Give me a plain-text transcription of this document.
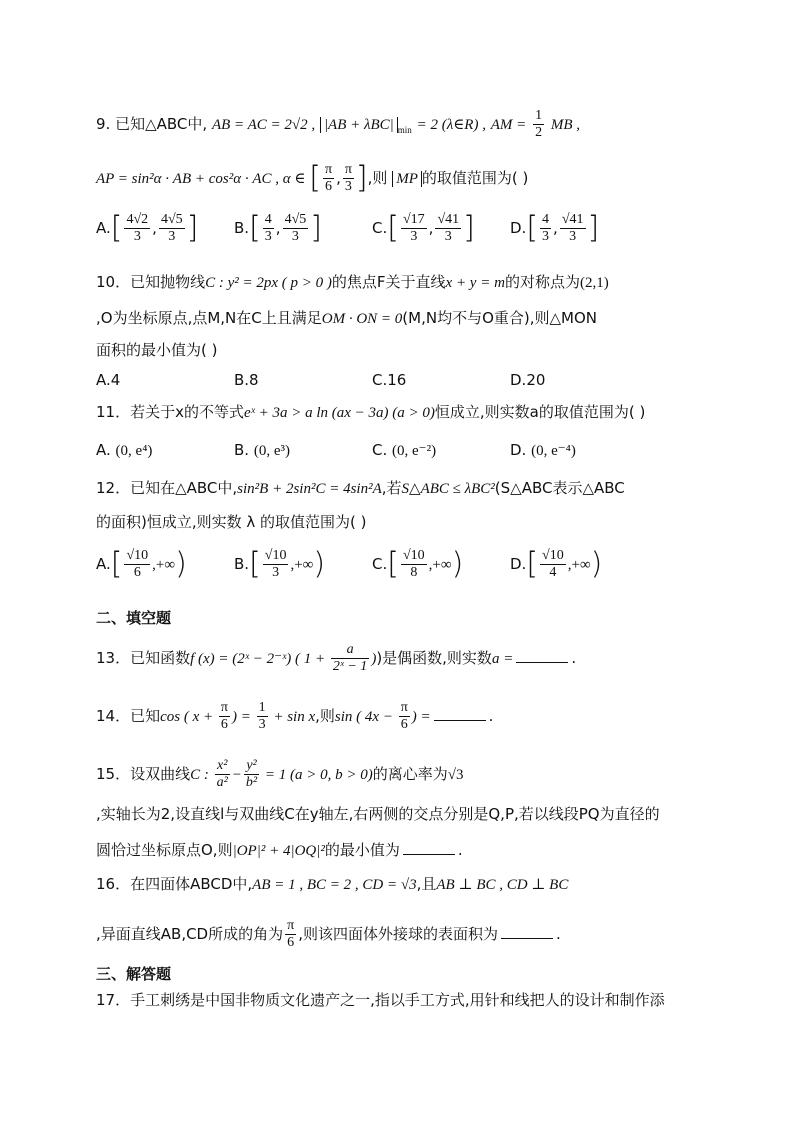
9. 已知△ABC中, AB = AC = 2√2 , |AB + λBC| $_{min}$ = 2 (λ∈R) , AM = $\frac{1}{2}$ MB ,
AP = sin²α · AB + cos²α · AC , α ∈ [ $\frac{\pi}{6}$ , $\frac{\pi}{3}$ ],则 MP 的取值范围为( )
$A.[ \frac{4√2}{3}$ , $\frac{4√5}{3}$ ] $B.[ \frac{4}{3}$ , $\frac{4√5}{3}$ ]	$C.[ \frac{√17}{3}$ , $\frac{√41}{3}$ ] $D.[ \frac{4}{3}$ , $\frac{√41}{3}$ ]
10．已知抛物线C : y² = 2px ( p > 0 )的焦点F关于直线x + y = m的对称点为(2,1)
,O为坐标原点,点M,N在C上且满足OM · ON = 0(M,N均不与O重合),则△MON
面积的最小值为( )
A.4	B.8	C.16	D.20
11．若关于x的不等式eˣ + 3a > a ln (ax − 3a) (a > 0)恒成立,则实数a的取值范围为( )
A. (0, e⁴)	B. (0, e³)	C. (0, e⁻²)	D. (0, e⁻⁴)
12．已知在△ABC中,sin²B + 2sin²C = 4sin²A,若S△ABC ≤ λBC²(S△ABC表示△ABC
的面积)恒成立,则实数 λ 的取值范围为( )
$A.[ \frac{√10}{6}$ ,+∞)	$B.[ \frac{√10}{3}$ ,+∞)	$C.[ \frac{√10}{8}$ ,+∞)	$D.[ \frac{√10}{4}$ ,+∞)
二、填空题
13．已知函数f (x) = (2ˣ − 2⁻ˣ) ( $1 + \frac{a}{\text{2ˣ − 1}}$ ))是偶函数,则实数a =	.
14．已知cos ( $x + \frac{\pi}{6}$ ) = $\frac{1}{3} + \sin x$,则sin ( $4x - \frac{\pi}{6}$ ) =	.
15．设双曲线C : $\frac{\text{x²}}{\text{a²}} - \frac{\text{y²}}{\text{b²}} = 1$ (a > 0, b > 0)的离心率为√3
,实轴长为2,设直线l与双曲线C在y轴左,右两侧的交点分别是Q,P,若以线段PQ为直径的
圆恰过坐标原点O,则|OP|² + 4|OQ|²的最小值为	.
16．在四面体ABCD中,AB = 1 , BC = 2 , CD = √3,且AB ⊥ BC , CD ⊥ BC
,异面直线AB,CD所成的角为 $\frac{\pi}{6}$ ,则该四面体外接球的表面积为	.
三、解答题
17．手工刺绣是中国非物质文化遗产之一,指以手工方式,用针和线把人的设计和制作添
